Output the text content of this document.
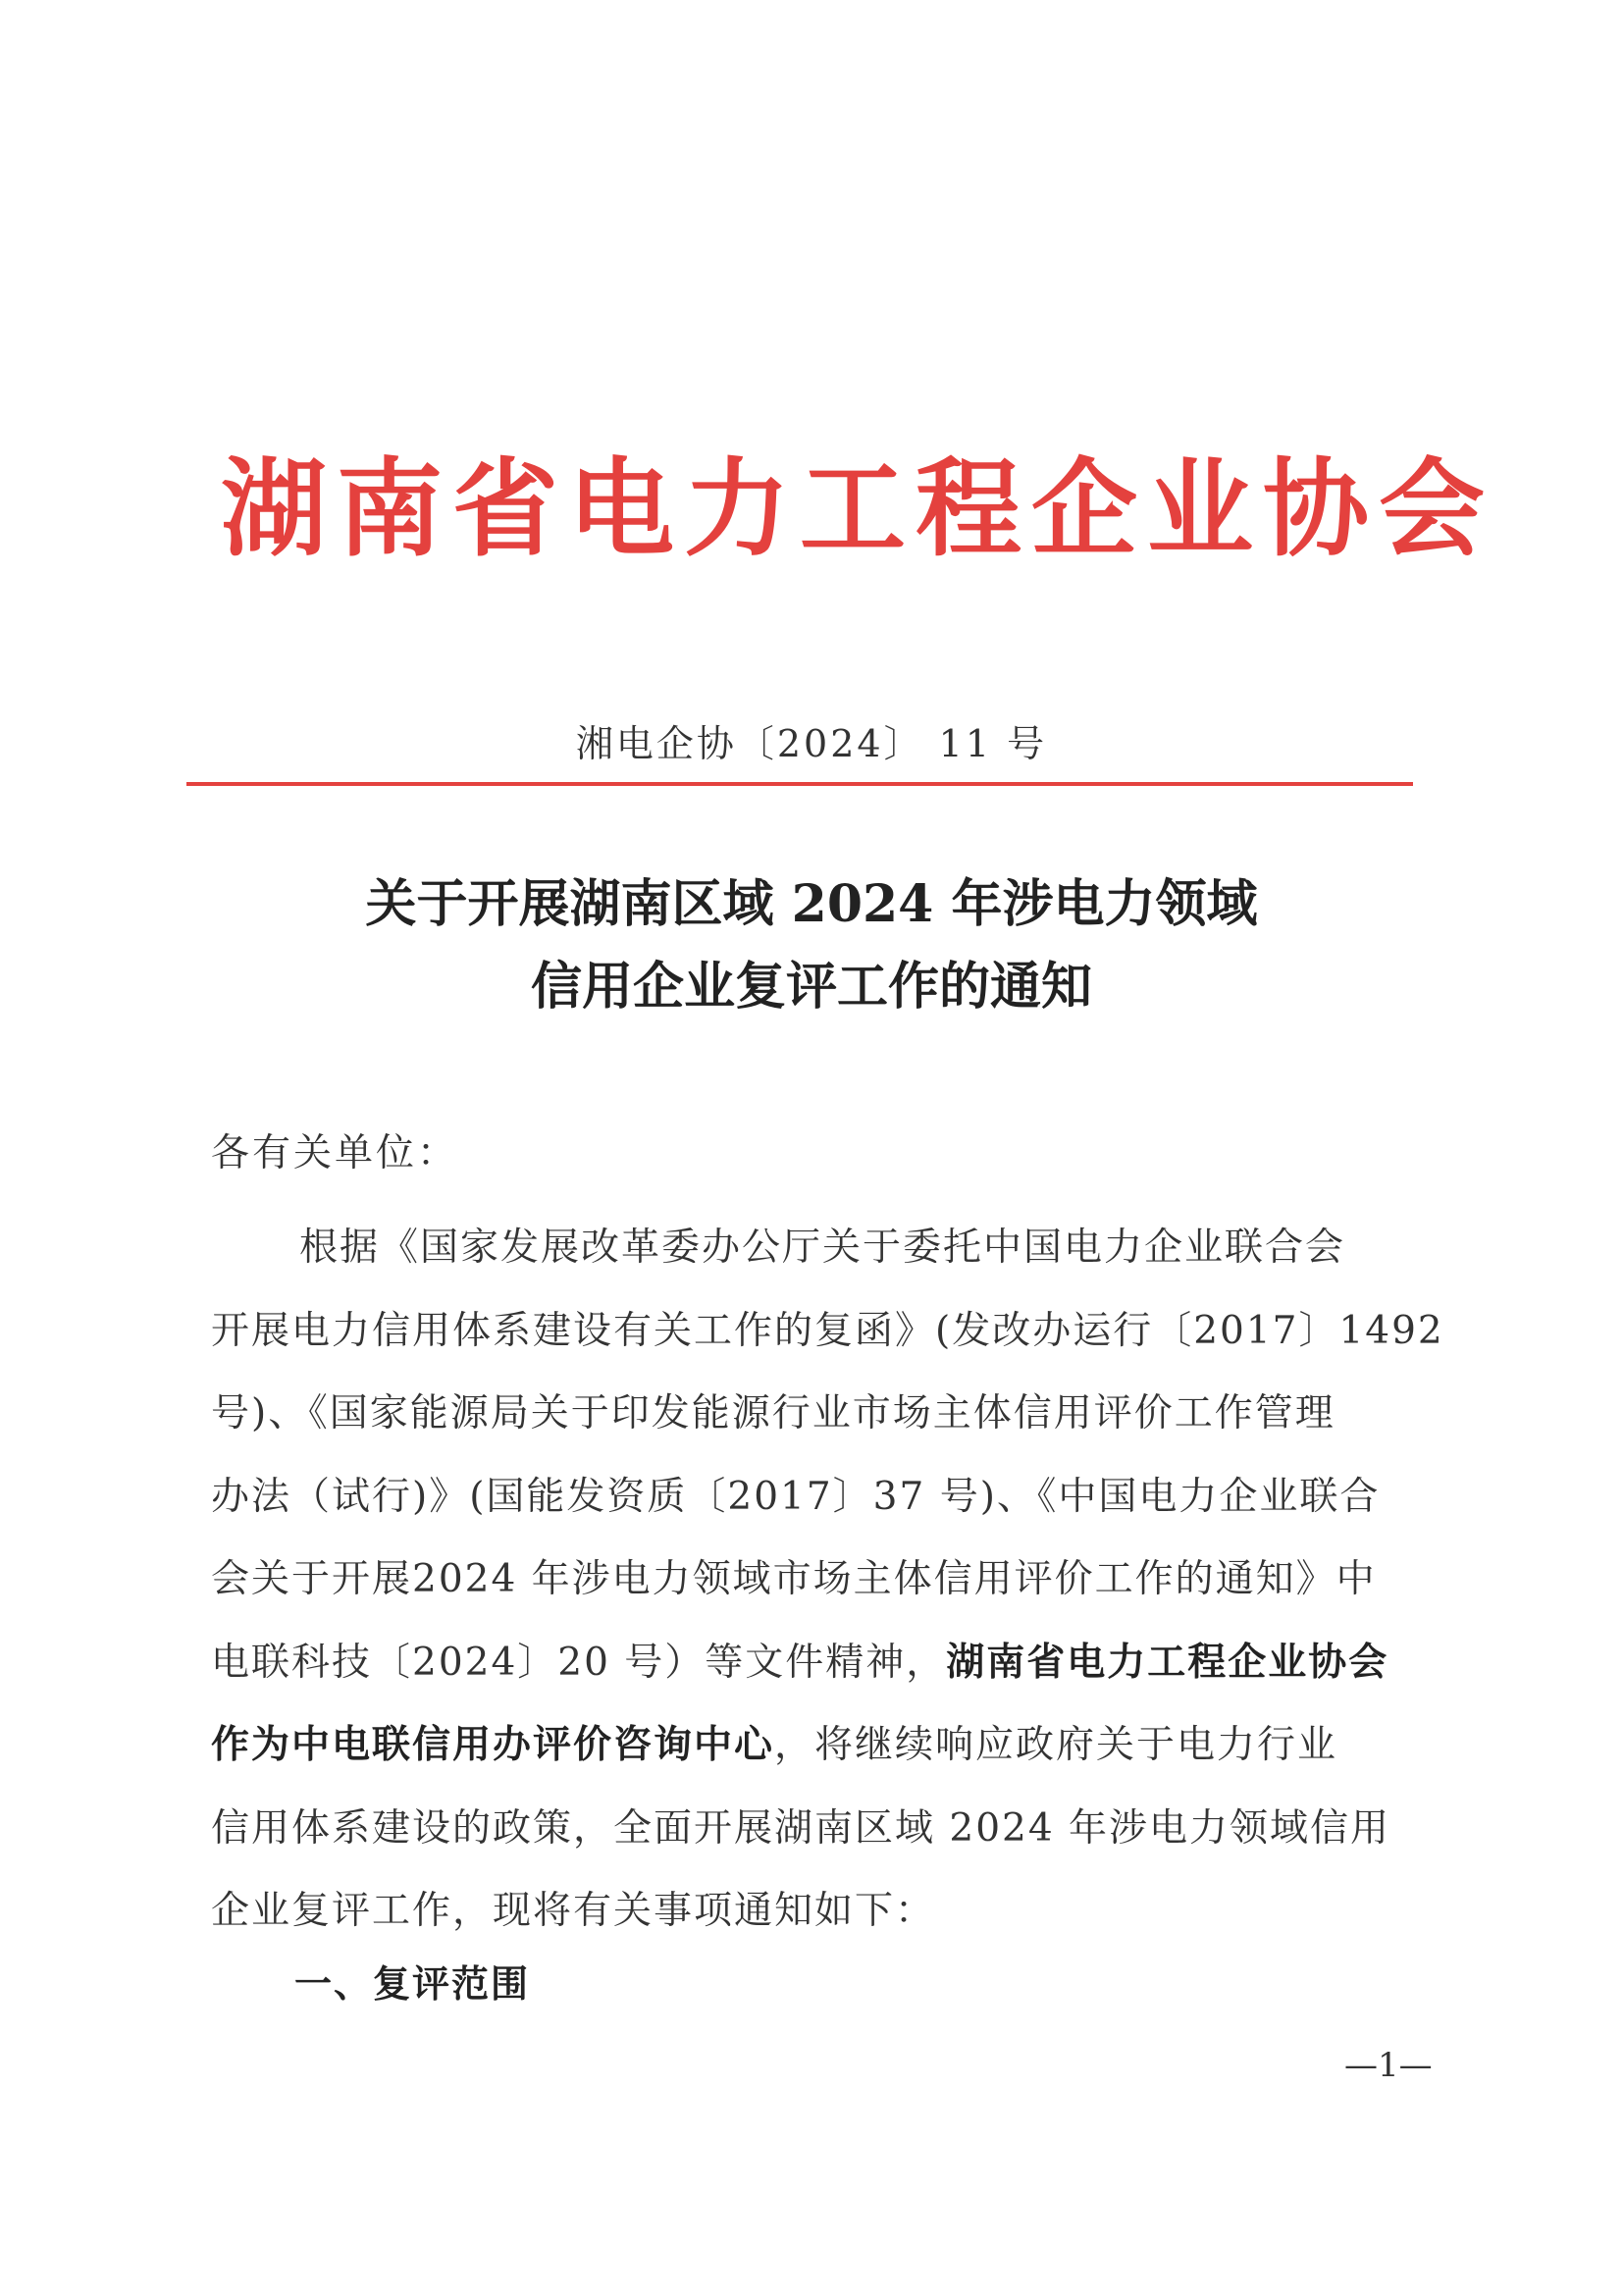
湖南省电力工程企业协会
湘电企协〔2024〕 11 号
关于开展湖南区域 2024 年涉电力领域
信用企业复评工作的通知
各有关单位：
根据《国家发展改革委办公厅关于委托中国电力企业联合会
开展电力信用体系建设有关工作的复函》(发改办运行〔2017〕1492
号)、《国家能源局关于印发能源行业市场主体信用评价工作管理
办法（试行)》(国能发资质〔2017〕37 号)、《中国电力企业联合
会关于开展2024 年涉电力领域市场主体信用评价工作的通知》中
电联科技〔2024〕20 号）等文件精神，湖南省电力工程企业协会
作为中电联信用办评价咨询中心，将继续响应政府关于电力行业
信用体系建设的政策，全面开展湖南区域 2024 年涉电力领域信用
企业复评工作，现将有关事项通知如下：
一、复评范围
—1—
